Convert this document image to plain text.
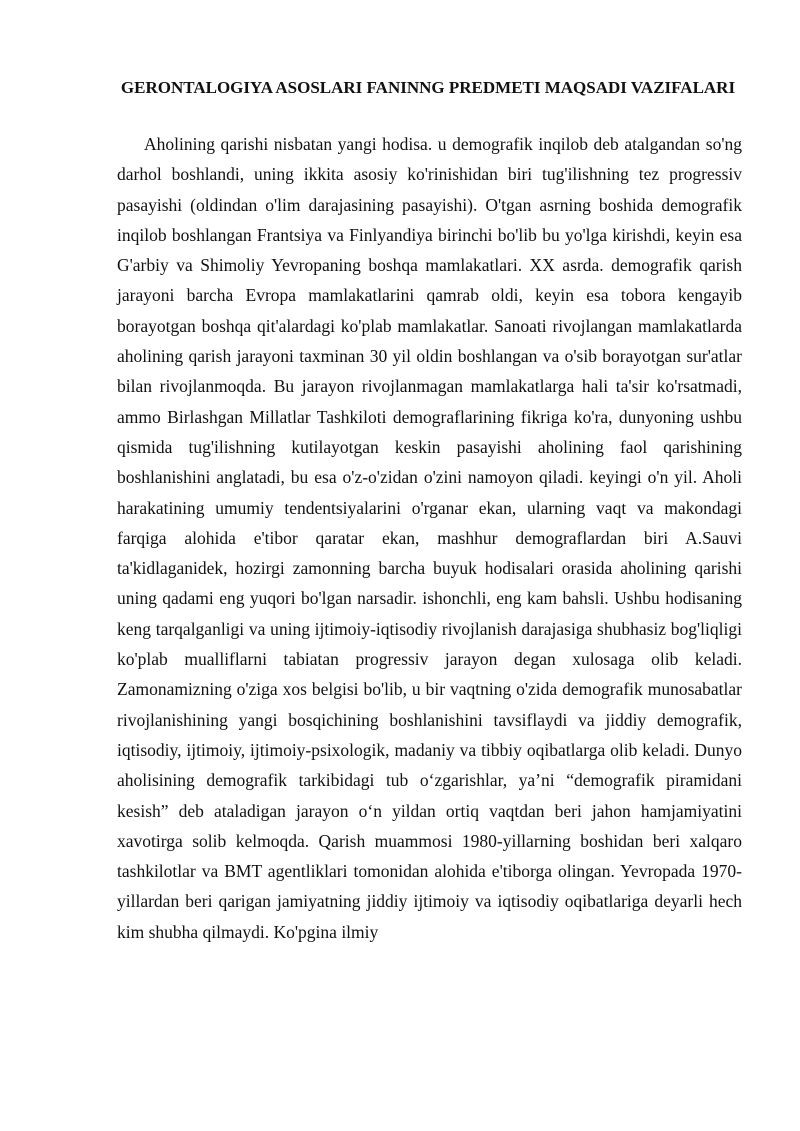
GERONTALOGIYA ASOSLARI FANINNG PREDMETI MAQSADI VAZIFALARI

Aholining qarishi nisbatan yangi hodisa. u demografik inqilob deb atalgandan so'ng darhol boshlandi, uning ikkita asosiy ko'rinishidan biri tug'ilishning tez progressiv pasayishi (oldindan o'lim darajasining pasayishi). O'tgan asrning boshida demografik inqilob boshlangan Frantsiya va Finlyandiya birinchi bo'lib bu yo'lga kirishdi, keyin esa G'arbiy va Shimoliy Yevropaning boshqa mamlakatlari. XX asrda. demografik qarish jarayoni barcha Evropa mamlakatlarini qamrab oldi, keyin esa tobora kengayib borayotgan boshqa qit'alardagi ko'plab mamlakatlar. Sanoati rivojlangan mamlakatlarda aholining qarish jarayoni taxminan 30 yil oldin boshlangan va o'sib borayotgan sur'atlar bilan rivojlanmoqda. Bu jarayon rivojlanmagan mamlakatlarga hali ta'sir ko'rsatmadi, ammo Birlashgan Millatlar Tashkiloti demograflarining fikriga ko'ra, dunyoning ushbu qismida tug'ilishning kutilayotgan keskin pasayishi aholining faol qarishining boshlanishini anglatadi, bu esa o'z-o'zidan o'zini namoyon qiladi. keyingi o'n yil. Aholi harakatining umumiy tendentsiyalarini o'rganar ekan, ularning vaqt va makondagi farqiga alohida e'tibor qaratar ekan, mashhur demograflardan biri A.Sauvi ta'kidlaganidek, hozirgi zamonning barcha buyuk hodisalari orasida aholining qarishi uning qadami eng yuqori bo'lgan narsadir. ishonchli, eng kam bahsli. Ushbu hodisaning keng tarqalganligi va uning ijtimoiy-iqtisodiy rivojlanish darajasiga shubhasiz bog'liqligi ko'plab mualliflarni tabiatan progressiv jarayon degan xulosaga olib keladi. Zamonamizning o'ziga xos belgisi bo'lib, u bir vaqtning o'zida demografik munosabatlar rivojlanishining yangi bosqichining boshlanishini tavsiflaydi va jiddiy demografik, iqtisodiy, ijtimoiy, ijtimoiy-psixologik, madaniy va tibbiy oqibatlarga olib keladi. Dunyo aholisining demografik tarkibidagi tub o‘zgarishlar, ya’ni “demografik piramidani kesish” deb ataladigan jarayon o‘n yildan ortiq vaqtdan beri jahon hamjamiyatini xavotirga solib kelmoqda. Qarish muammosi 1980-yillarning boshidan beri xalqaro tashkilotlar va BMT agentliklari tomonidan alohida e'tiborga olingan. Yevropada 1970-yillardan beri qarigan jamiyatning jiddiy ijtimoiy va iqtisodiy oqibatlariga deyarli hech kim shubha qilmaydi. Ko'pgina ilmiy
